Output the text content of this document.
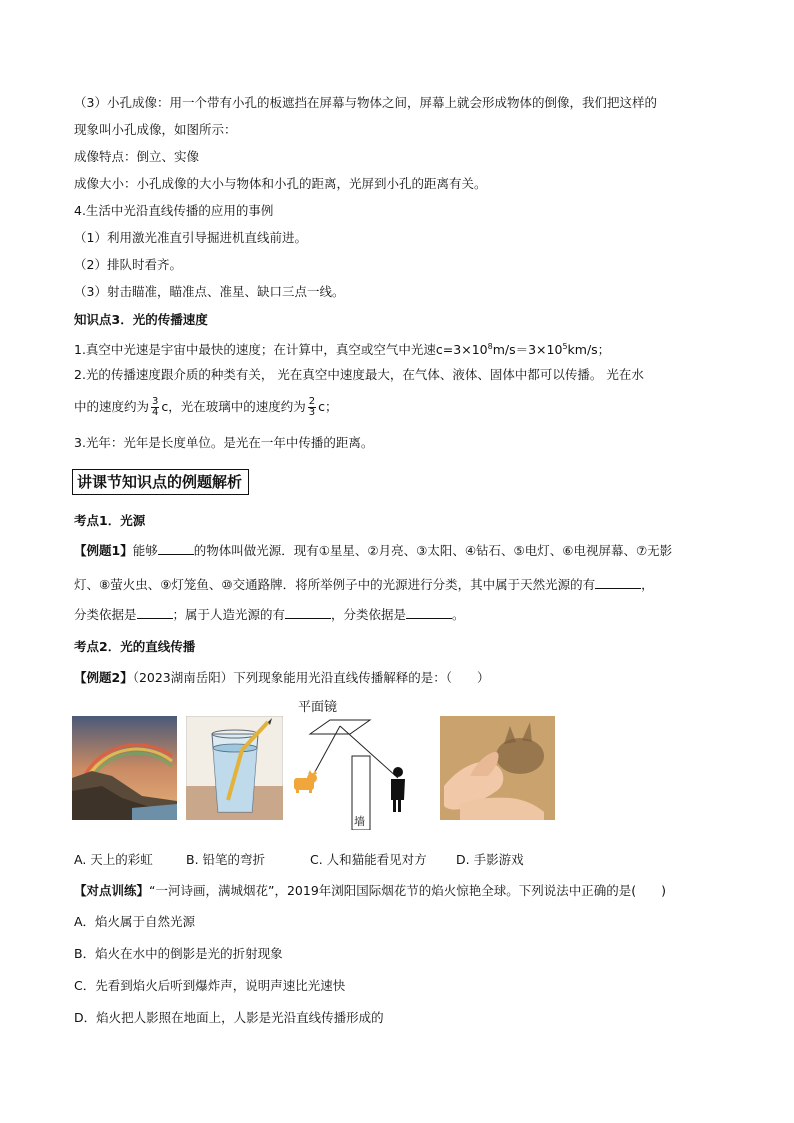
（3）小孔成像：用一个带有小孔的板遮挡在屏幕与物体之间，屏幕上就会形成物体的倒像，我们把这样的
现象叫小孔成像，如图所示：
成像特点：倒立、实像
成像大小：小孔成像的大小与物体和小孔的距离，光屏到小孔的距离有关。
4.生活中光沿直线传播的应用的事例
（1）利用激光准直引导掘进机直线前进。
（2）排队时看齐。
（3）射击瞄准，瞄准点、准星、缺口三点一线。
知识点3．光的传播速度
1.真空中光速是宇宙中最快的速度；在计算中，真空或空气中光速$c=3\times 10^8m/s=3\times 10^5km/s$；
2.光的传播速度跟介质的种类有关， 光在真空中速度最大，在气体、液体、固体中都可以传播。 光在水
中的速度约为 $\frac{3}{4}$ c，光在玻璃中的速度约为 $\frac{2}{3}$ c；
3.光年：光年是长度单位。是光在一年中传播的距离。
讲课节知识点的例题解析
考点1．光源
【例题1】能够	的物体叫做光源．现有①星星、②月亮、③太阳、④钻石、⑤电灯、⑥电视屏幕、⑦无影
灯、⑧萤火虫、⑨灯笼鱼、⑩交通路牌．将所举例子中的光源进行分类，其中属于天然光源的有	，
分类依据是	；属于人造光源的有	，分类依据是	。
考点2．光的直线传播
【例题2】（2023湖南岳阳）下列现象能用光沿直线传播解释的是：（　　）
平面镜
墙
A. 天上的彩虹	B. 铅笔的弯折	C. 人和猫能看见对方 D. 手影游戏
【对点训练】“一河诗画，满城烟花”，2019年浏阳国际烟花节的焰火惊艳全球。下列说法中正确的是(　　)
A．焰火属于自然光源
B．焰火在水中的倒影是光的折射现象
C．先看到焰火后听到爆炸声，说明声速比光速快
D．焰火把人影照在地面上，人影是光沿直线传播形成的
